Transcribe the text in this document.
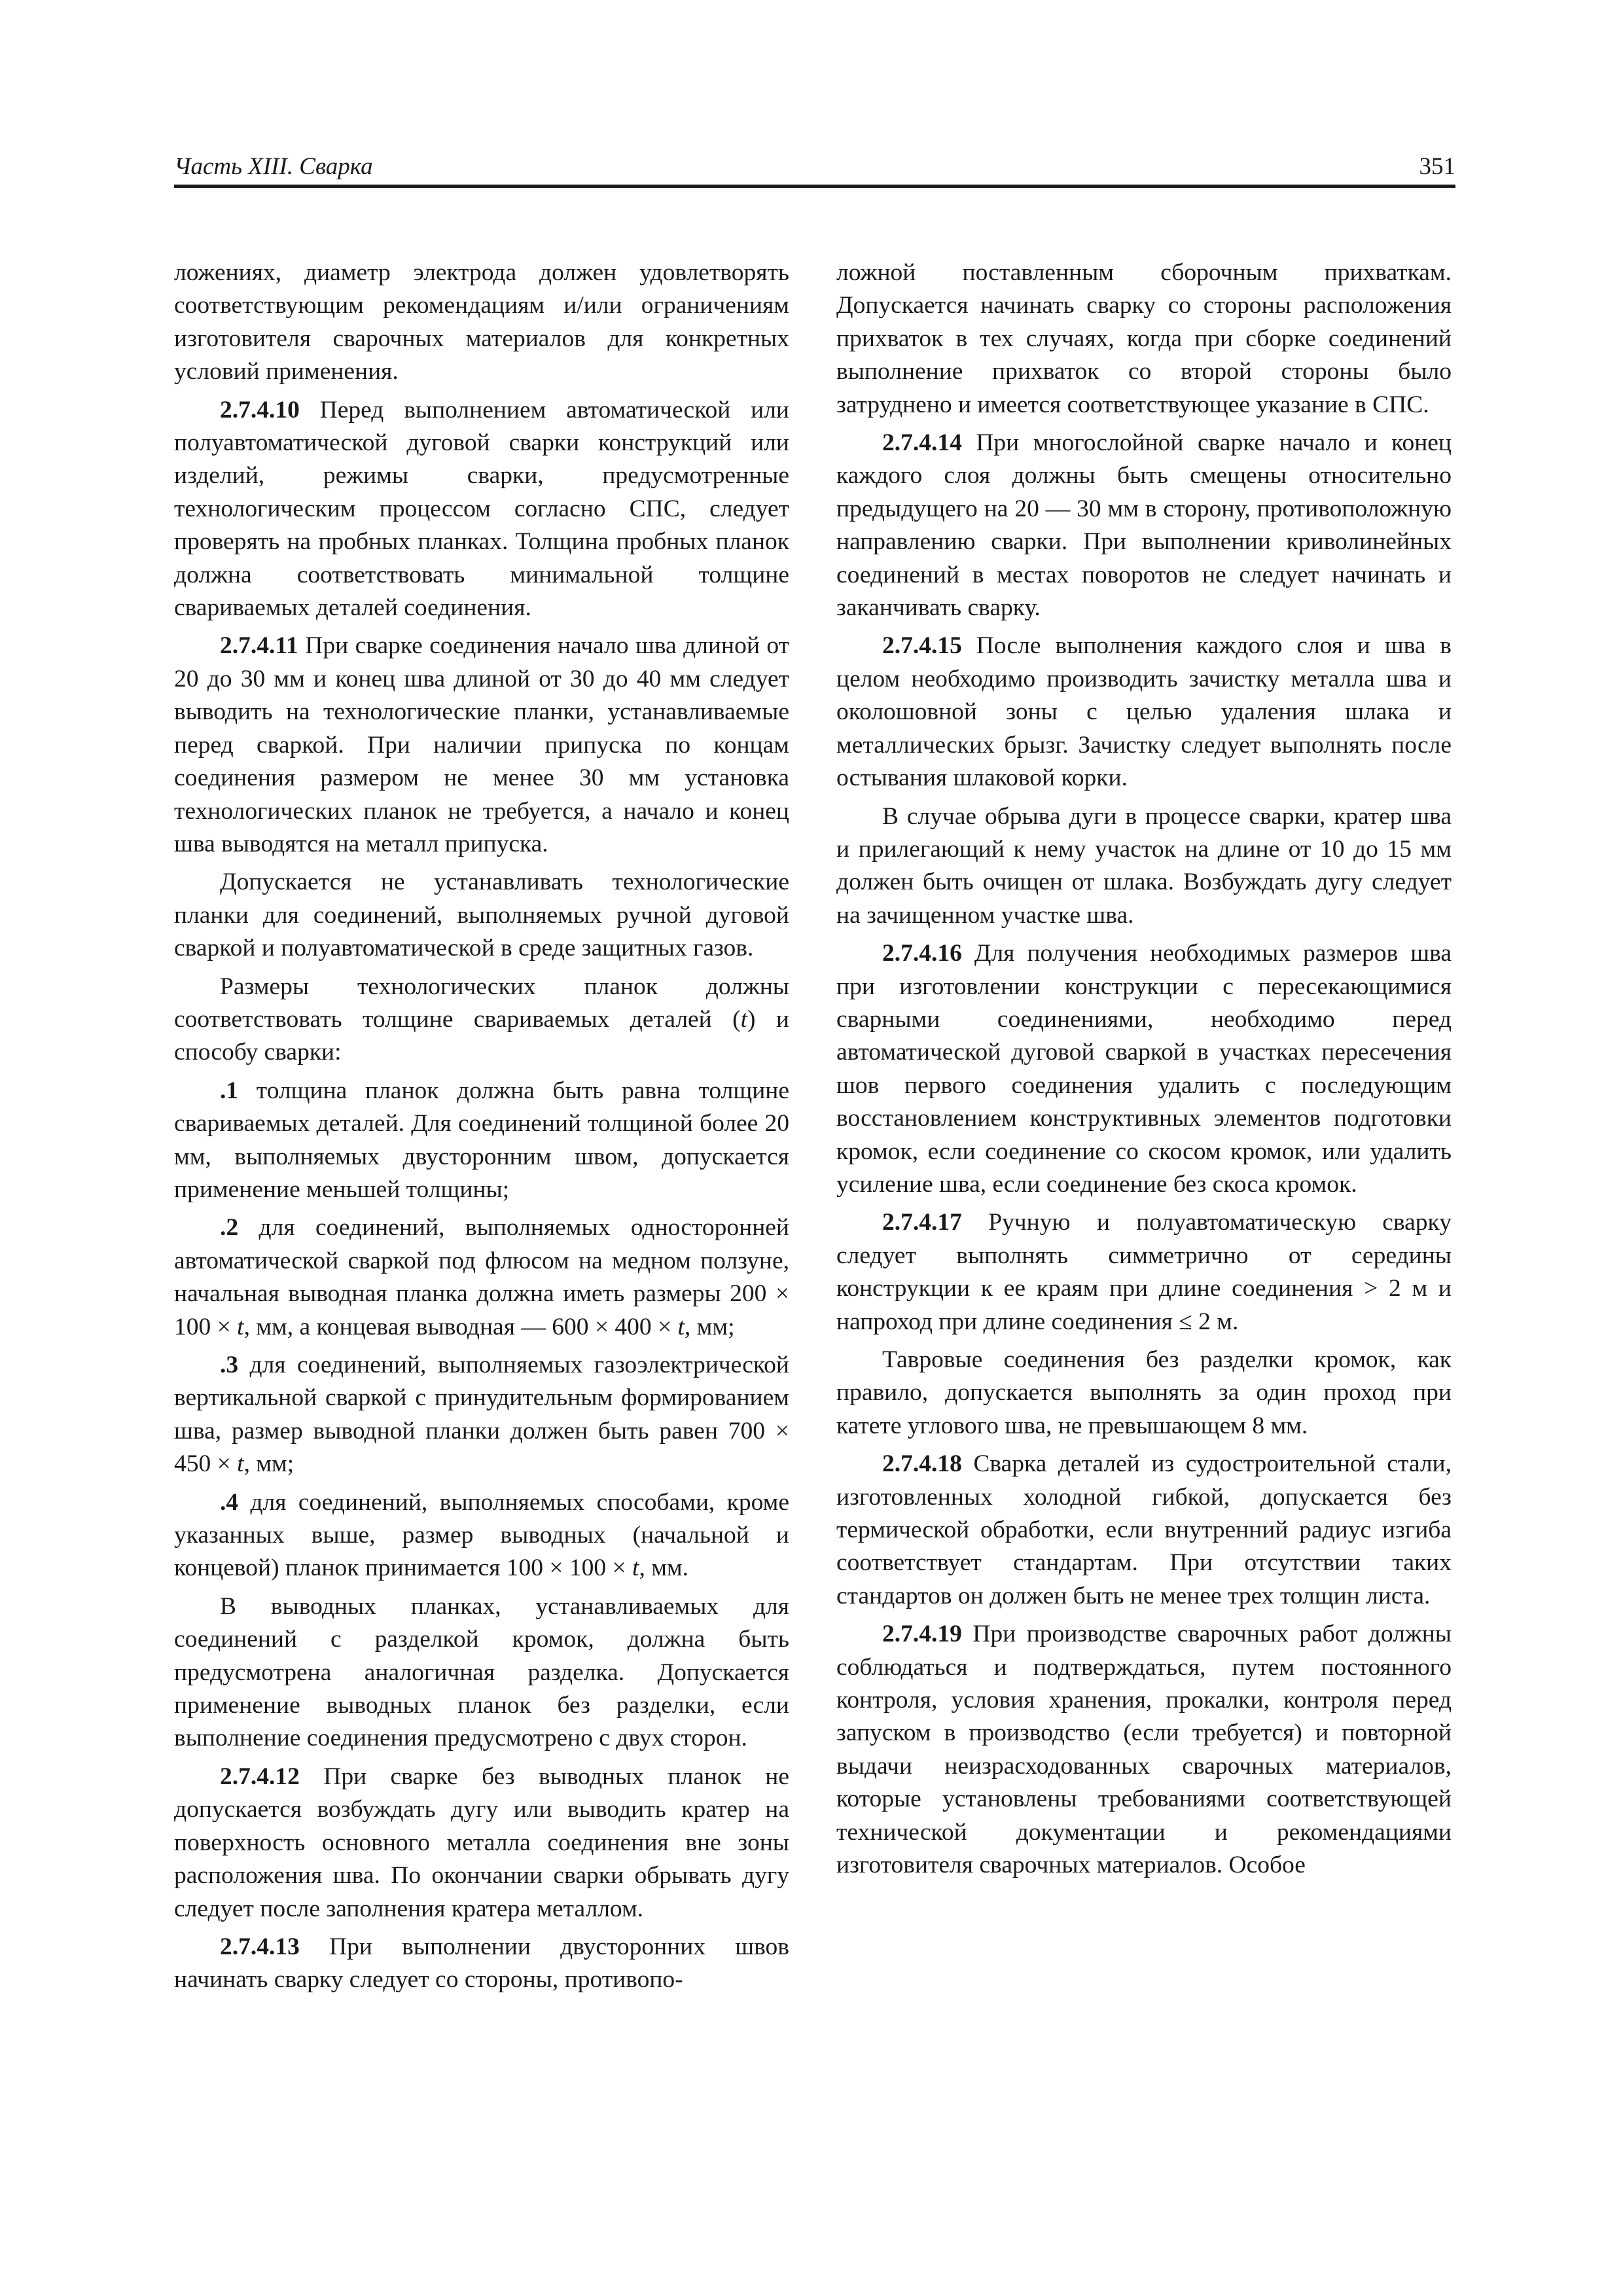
Часть XIII. Сварка	351

ложениях, диаметр электрода должен удовлетворять соответствующим рекомендациям и/или ограничениям изготовителя сварочных материалов для конкретных условий применения.

2.7.4.10 Перед выполнением автоматической или полуавтоматической дуговой сварки конструкций или изделий, режимы сварки, предусмотренные технологическим процессом согласно СПС, следует проверять на пробных планках. Толщина пробных планок должна соответствовать минимальной толщине свариваемых деталей соединения.

2.7.4.11 При сварке соединения начало шва длиной от 20 до 30 мм и конец шва длиной от 30 до 40 мм следует выводить на технологические планки, устанавливаемые перед сваркой. При наличии припуска по концам соединения размером не менее 30 мм установка технологических планок не требуется, а начало и конец шва выводятся на металл припуска.

Допускается не устанавливать технологические планки для соединений, выполняемых ручной дуговой сваркой и полуавтоматической в среде защитных газов.

Размеры технологических планок должны соответствовать толщине свариваемых деталей (t) и способу сварки:

.1 толщина планок должна быть равна толщине свариваемых деталей. Для соединений толщиной более 20 мм, выполняемых двусторонним швом, допускается применение меньшей толщины;

.2 для соединений, выполняемых односторонней автоматической сваркой под флюсом на медном ползуне, начальная выводная планка должна иметь размеры 200 × 100 × t, мм, а концевая выводная — 600 × 400 × t, мм;

.3 для соединений, выполняемых газоэлектрической вертикальной сваркой с принудительным формированием шва, размер выводной планки должен быть равен 700 × 450 × t, мм;

.4 для соединений, выполняемых способами, кроме указанных выше, размер выводных (начальной и концевой) планок принимается 100 × 100 × t, мм.

В выводных планках, устанавливаемых для соединений с разделкой кромок, должна быть предусмотрена аналогичная разделка. Допускается применение выводных планок без разделки, если выполнение соединения предусмотрено с двух сторон.

2.7.4.12 При сварке без выводных планок не допускается возбуждать дугу или выводить кратер на поверхность основного металла соединения вне зоны расположения шва. По окончании сварки обрывать дугу следует после заполнения кратера металлом.

2.7.4.13 При выполнении двусторонних швов начинать сварку следует со стороны, противопо-

ложной поставленным сборочным прихваткам. Допускается начинать сварку со стороны расположения прихваток в тех случаях, когда при сборке соединений выполнение прихваток со второй стороны было затруднено и имеется соответствующее указание в СПС.

2.7.4.14 При многослойной сварке начало и конец каждого слоя должны быть смещены относительно предыдущего на 20 — 30 мм в сторону, противоположную направлению сварки. При выполнении криволинейных соединений в местах поворотов не следует начинать и заканчивать сварку.

2.7.4.15 После выполнения каждого слоя и шва в целом необходимо производить зачистку металла шва и околошовной зоны с целью удаления шлака и металлических брызг. Зачистку следует выполнять после остывания шлаковой корки.

В случае обрыва дуги в процессе сварки, кратер шва и прилегающий к нему участок на длине от 10 до 15 мм должен быть очищен от шлака. Возбуждать дугу следует на зачищенном участке шва.

2.7.4.16 Для получения необходимых размеров шва при изготовлении конструкции с пересекающимися сварными соединениями, необходимо перед автоматической дуговой сваркой в участках пересечения шов первого соединения удалить с последующим восстановлением конструктивных элементов подготовки кромок, если соединение со скосом кромок, или удалить усиление шва, если соединение без скоса кромок.

2.7.4.17 Ручную и полуавтоматическую сварку следует выполнять симметрично от середины конструкции к ее краям при длине соединения > 2 м и напроход при длине соединения ≤ 2 м.

Тавровые соединения без разделки кромок, как правило, допускается выполнять за один проход при катете углового шва, не превышающем 8 мм.

2.7.4.18 Сварка деталей из судостроительной стали, изготовленных холодной гибкой, допускается без термической обработки, если внутренний радиус изгиба соответствует стандартам. При отсутствии таких стандартов он должен быть не менее трех толщин листа.

2.7.4.19 При производстве сварочных работ должны соблюдаться и подтверждаться, путем постоянного контроля, условия хранения, прокалки, контроля перед запуском в производство (если требуется) и повторной выдачи неизрасходованных сварочных материалов, которые установлены требованиями соответствующей технической документации и рекомендациями изготовителя сварочных материалов. Особое
